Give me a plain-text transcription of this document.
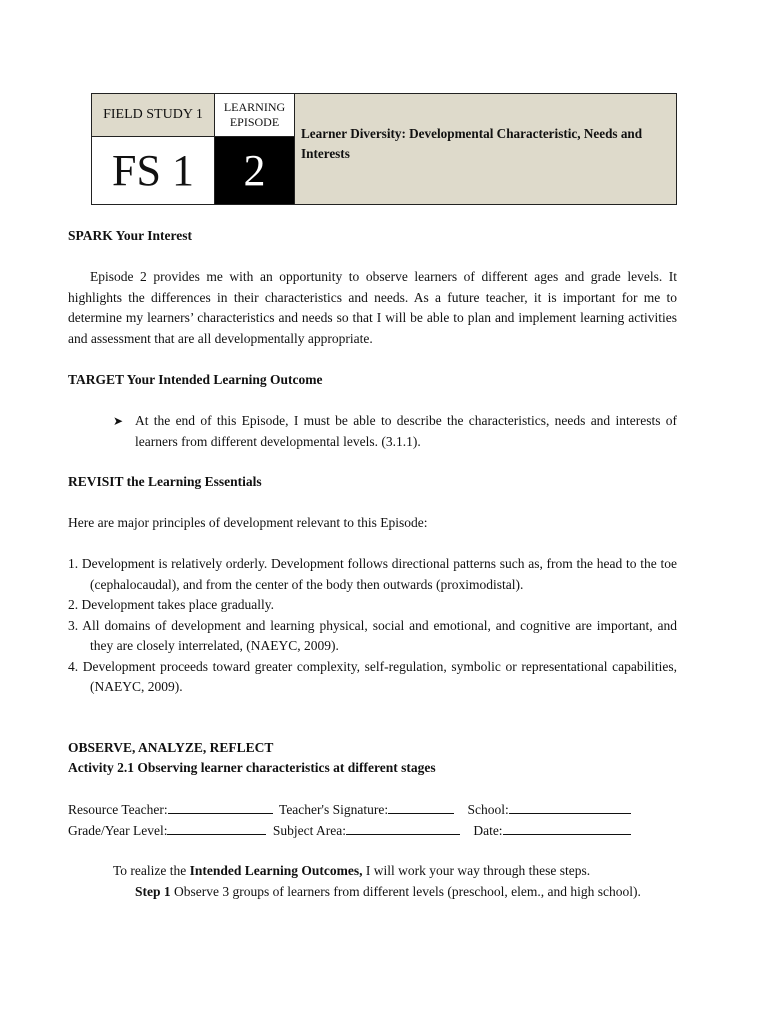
FIELD STUDY 1	LEARNING EPISODE
FS 1	2
Learner Diversity: Developmental Characteristic, Needs and Interests
SPARK Your Interest
Episode 2 provides me with an opportunity to observe learners of different ages and grade levels. It highlights the differences in their characteristics and needs. As a future teacher, it is important for me to determine my learners’ characteristics and needs so that I will be able to plan and implement learning activities and assessment that are all developmentally appropriate.
TARGET Your Intended Learning Outcome
➤ At the end of this Episode, I must be able to describe the characteristics, needs and interests of learners from different developmental levels. (3.1.1).
REVISIT the Learning Essentials
Here are major principles of development relevant to this Episode:
1. Development is relatively orderly. Development follows directional patterns such as, from the head to the toe (cephalocaudal), and from the center of the body then outwards (proximodistal).
2. Development takes place gradually.
3. All domains of development and learning physical, social and emotional, and cognitive are important, and they are closely interrelated, (NAEYC, 2009).
4. Development proceeds toward greater complexity, self-regulation, symbolic or representational capabilities, (NAEYC, 2009).
OBSERVE, ANALYZE, REFLECT
Activity 2.1 Observing learner characteristics at different stages
Resource Teacher:	Teacher's Signature:	School:
Grade/Year Level:	Subject Area:	Date:
To realize the Intended Learning Outcomes, I will work your way through these steps.
Step 1 Observe 3 groups of learners from different levels (preschool, elem., and high school).
